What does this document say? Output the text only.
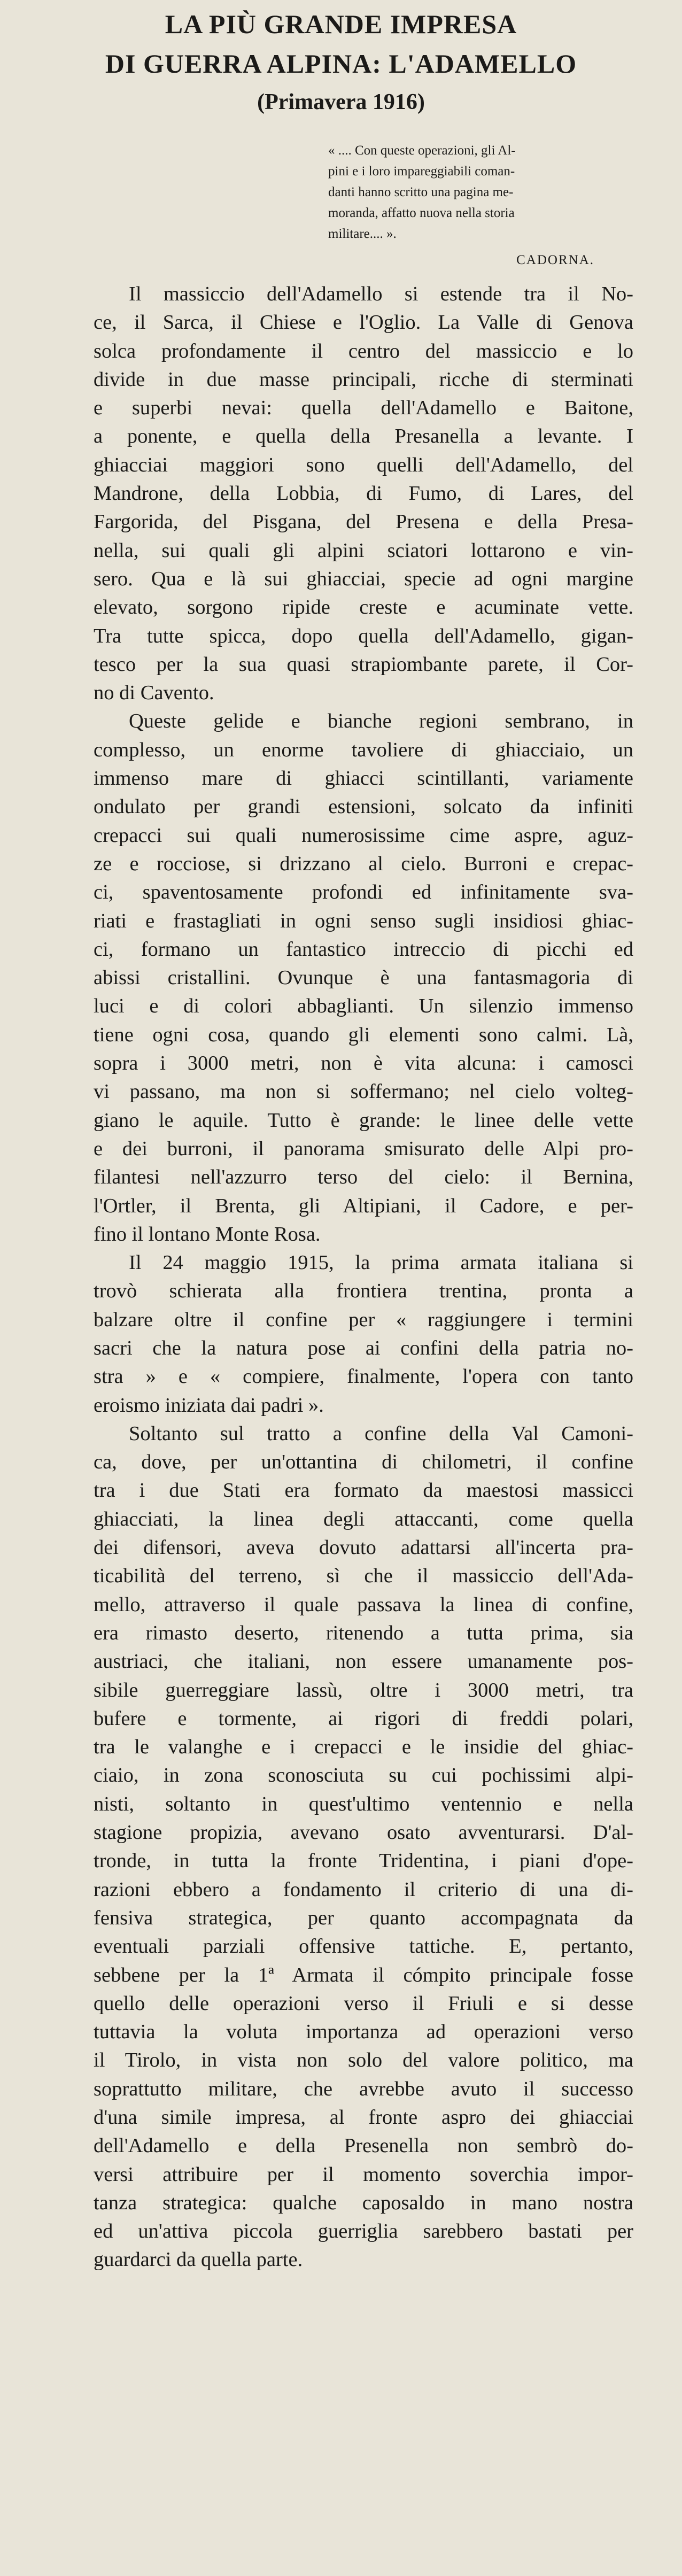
LA PIÙ GRANDE IMPRESA

DI GUERRA ALPINA: L'ADAMELLO

(Primavera 1916)

« .... Con queste operazioni, gli Al-
pini e i loro impareggiabili coman-
danti hanno scritto una pagina me-
moranda, affatto nuova nella storia
militare.... ».
CADORNA.
Il massiccio dell'Adamello si estende tra il No-
ce, il Sarca, il Chiese e l'Oglio. La Valle di Genova
solca profondamente il centro del massiccio e lo
divide in due masse principali, ricche di sterminati
e superbi nevai: quella dell'Adamello e Baitone,
a ponente, e quella della Presanella a levante. I
ghiacciai maggiori sono quelli dell'Adamello, del
Mandrone, della Lobbia, di Fumo, di Lares, del
Fargorida, del Pisgana, del Presena e della Presa-
nella, sui quali gli alpini sciatori lottarono e vin-
sero. Qua e là sui ghiacciai, specie ad ogni margine
elevato, sorgono ripide creste e acuminate vette.
Tra tutte spicca, dopo quella dell'Adamello, gigan-
tesco per la sua quasi strapiombante parete, il Cor-
no di Cavento.
Queste gelide e bianche regioni sembrano, in
complesso, un enorme tavoliere di ghiacciaio, un
immenso mare di ghiacci scintillanti, variamente
ondulato per grandi estensioni, solcato da infiniti
crepacci sui quali numerosissime cime aspre, aguz-
ze e rocciose, si drizzano al cielo. Burroni e crepac-
ci, spaventosamente profondi ed infinitamente sva-
riati e frastagliati in ogni senso sugli insidiosi ghiac-
ci, formano un fantastico intreccio di picchi ed
abissi cristallini. Ovunque è una fantasmagoria di
luci e di colori abbaglianti. Un silenzio immenso
tiene ogni cosa, quando gli elementi sono calmi. Là,
sopra i 3000 metri, non è vita alcuna: i camosci
vi passano, ma non si soffermano; nel cielo volteg-
giano le aquile. Tutto è grande: le linee delle vette
e dei burroni, il panorama smisurato delle Alpi pro-
filantesi nell'azzurro terso del cielo: il Bernina,
l'Ortler, il Brenta, gli Altipiani, il Cadore, e per-
fino il lontano Monte Rosa.
Il 24 maggio 1915, la prima armata italiana si
trovò schierata alla frontiera trentina, pronta a
balzare oltre il confine per « raggiungere i termini
sacri che la natura pose ai confini della patria no-
stra » e « compiere, finalmente, l'opera con tanto
eroismo iniziata dai padri ».
Soltanto sul tratto a confine della Val Camoni-
ca, dove, per un'ottantina di chilometri, il confine
tra i due Stati era formato da maestosi massicci
ghiacciati, la linea degli attaccanti, come quella
dei difensori, aveva dovuto adattarsi all'incerta pra-
ticabilità del terreno, sì che il massiccio dell'Ada-
mello, attraverso il quale passava la linea di confine,
era rimasto deserto, ritenendo a tutta prima, sia
austriaci, che italiani, non essere umanamente pos-
sibile guerreggiare lassù, oltre i 3000 metri, tra
bufere e tormente, ai rigori di freddi polari,
tra le valanghe e i crepacci e le insidie del ghiac-
ciaio, in zona sconosciuta su cui pochissimi alpi-
nisti, soltanto in quest'ultimo ventennio e nella
stagione propizia, avevano osato avventurarsi. D'al-
tronde, in tutta la fronte Tridentina, i piani d'ope-
razioni ebbero a fondamento il criterio di una di-
fensiva strategica, per quanto accompagnata da
eventuali parziali offensive tattiche. E, pertanto,
sebbene per la 1ª Armata il cómpito principale fosse
quello delle operazioni verso il Friuli e si desse
tuttavia la voluta importanza ad operazioni verso
il Tirolo, in vista non solo del valore politico, ma
soprattutto militare, che avrebbe avuto il successo
d'una simile impresa, al fronte aspro dei ghiacciai
dell'Adamello e della Presenella non sembrò do-
versi attribuire per il momento soverchia impor-
tanza strategica: qualche caposaldo in mano nostra
ed un'attiva piccola guerriglia sarebbero bastati per
guardarci da quella parte.
